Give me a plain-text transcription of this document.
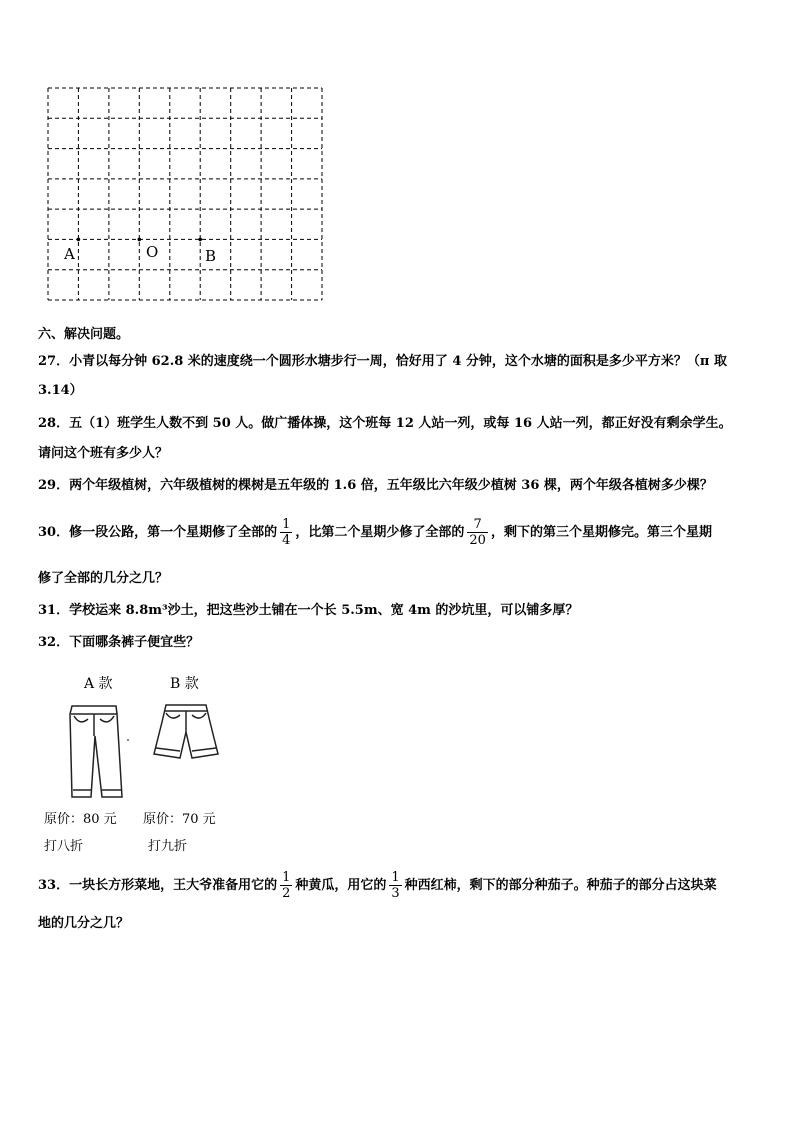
A	O	B
六、解决问题。
27．小青以每分钟 62.8 米的速度绕一个圆形水塘步行一周，恰好用了 4 分钟，这个水塘的面积是多少平方米？（π 取
3.14）
28．五（1）班学生人数不到 50 人。做广播体操，这个班每 12 人站一列，或每 16 人站一列，都正好没有剩余学生。
请问这个班有多少人？
29．两个年级植树，六年级植树的棵树是五年级的 1.6 倍，五年级比六年级少植树 36 棵，两个年级各植树多少棵？
30．修一段公路，第一个星期修了全部的 $\frac{1}{4}$ ，比第二个星期少修了全部的 $\frac{7}{20}$ ，剩下的第三个星期修完。第三个星期
修了全部的几分之几？
31．学校运来 8.8m³沙土，把这些沙土铺在一个长 5.5m、宽 4m 的沙坑里，可以铺多厚？
32．下面哪条裤子便宜些？
A 款
原价：80 元
打八折
B 款
原价：70 元
打九折
33．一块长方形菜地，王大爷准备用它的 $\frac{1}{2}$ 种黄瓜，用它的 $\frac{1}{3}$ 种西红柿，剩下的部分种茄子。种茄子的部分占这块菜
地的几分之几？
